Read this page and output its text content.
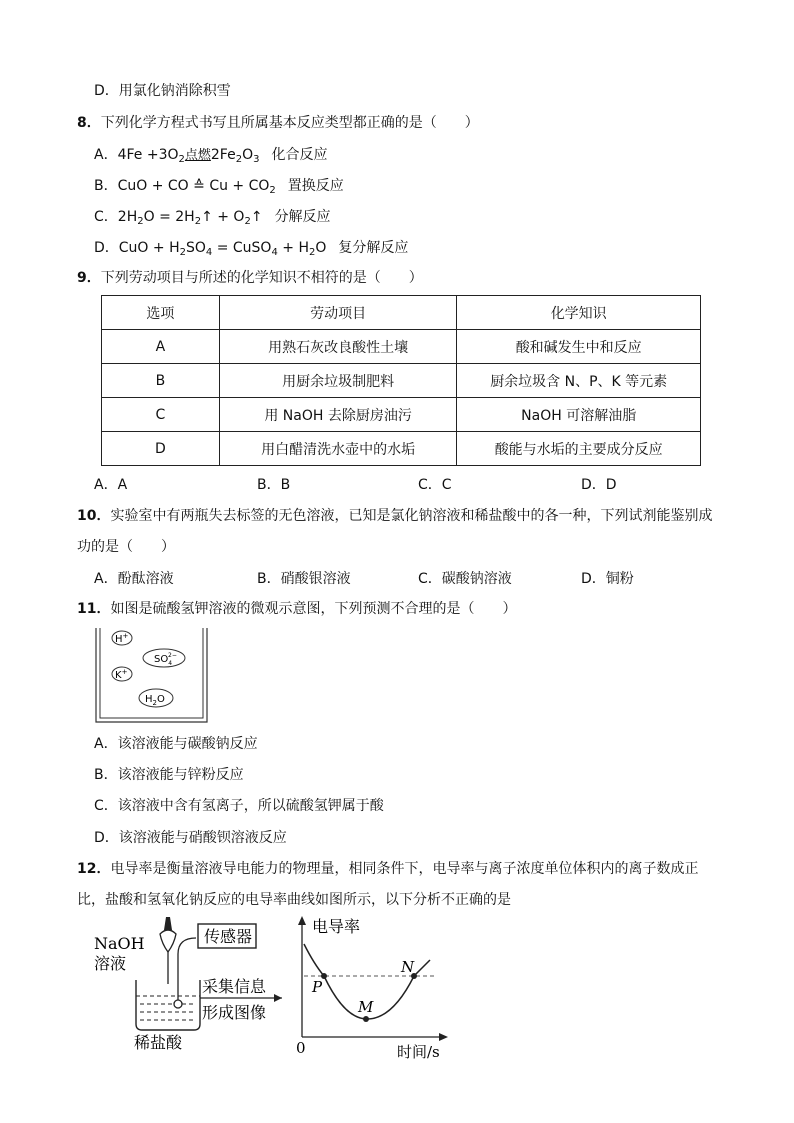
D．用氯化钠消除积雪
8．下列化学方程式书写且所属基本反应类型都正确的是（　　）
A．$4Fe +3O_2$点燃$2Fe_2O_3$ 化合反应
B．CuO + CO ≙ $Cu + CO_2$ 置换反应
C．$2H_2O$ = $2H_2↑$ + $O_2↑$ 分解反应
D．CuO + $H_2SO_4$ = CuSO$_4$ + $H_2O$ 复分解反应
9．下列劳动项目与所述的化学知识不相符的是（　　）
选项	劳动项目	化学知识
A	用熟石灰改良酸性土壤	酸和碱发生中和反应
B	用厨余垃圾制肥料	厨余垃圾含 N、P、K 等元素
C	用 NaOH 去除厨房油污	NaOH 可溶解油脂
D	用白醋清洗水壶中的水垢	酸能与水垢的主要成分反应
A．A	B．B	C．C	D．D
10．实验室中有两瓶失去标签的无色溶液，已知是氯化钠溶液和稀盐酸中的各一种，下列试剂能鉴别成
功的是（　　）
A．酚酞溶液	B．硝酸银溶液	C．碳酸钠溶液	D．铜粉
11．如图是硫酸氢钾溶液的微观示意图，下列预测不合理的是（　　）
H+
$SO_42-$
K+
$H_2O$
A．该溶液能与碳酸钠反应
B．该溶液能与锌粉反应
C．该溶液中含有氢离子，所以硫酸氢钾属于酸
D．该溶液能与硝酸钡溶液反应
12．电导率是衡量溶液导电能力的物理量，相同条件下，电导率与离子浓度单位体积内的离子数成正
比，盐酸和氢氧化钠反应的电导率曲线如图所示，以下分析不正确的是
NaOH
溶液
传感器
稀盐酸
采集信息
形成图像
电导率
时间/s
0
P
M
N
